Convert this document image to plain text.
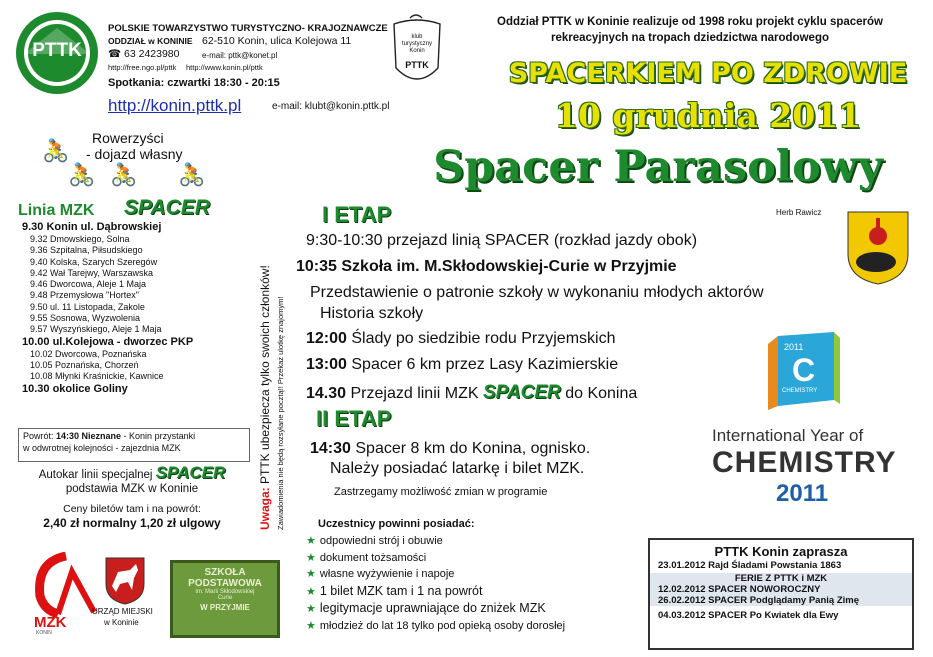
PTTK
POLSKIE TOWARZYSTWO TURYSTYCZNO- KRAJOZNAWCZE
ODDZIAŁ w KONINIE 62-510 Konin, ulica Kolejowa 11
☎ 63 2423980	e-mail: pttk@konet.pl
http://free.ngo.pl/pttk http://www.konin.pl/pttk
Spotkania: czwartki 18:30 - 20:15
http://konin.pttk.pl	e-mail: klubt@konin.pttk.pl
klub
turystyczny
Konin
PTTK
Oddział PTTK w Koninie realizuje od 1998 roku projekt cyklu spacerów rekreacyjnych na tropach dziedzictwa narodowego
SPACERKIEM PO ZDROWIE
10 grudnia 2011
Spacer Parasolowy
Rowerzyści
- dojazd własny
🚴
🚴 🚴 🚴
Linia MZK SPACER
9.30 Konin ul. Dąbrowskiej
9.32 Dmowskiego, Solna
9.36 Szpitalna, Piłsudskiego
9.40 Kolska, Szarych Szeregów
9.42 Wał Tarejwy, Warszawska
9.46 Dworcowa, Aleje 1 Maja
9.48 Przemysłowa "Hortex"
9.50 ul. 11 Listopada, Zakole
9.55 Sosnowa, Wyzwolenia
9.57 Wyszyńskiego, Aleje 1 Maja
10.00 ul.Kolejowa - dworzec PKP
10.02 Dworcowa, Poznańska
10.05 Poznańska, Chorzeń
10.08 Młynki Kraśnickie, Kawnice
10.30 okolice Goliny
Powrót: 14:30 Nieznane - Konin przystanki
w odwrotnej kolejności - zajezdnia MZK
Autokar linii specjalnej SPACER
podstawia MZK w Koninie
Ceny biletów tam i na powrót:
2,40 zł normalny 1,20 zł ulgowy	Uwaga: PTTK ubezpiecza tylko swoich członków! Zawiadomienia nie będą rozsyłane pocztą!! Przekaż ulotkę znajomym!
I ETAP	Herb Rawicz
9:30-10:30 przejazd linią SPACER (rozkład jazdy obok)
10:35 Szkoła im. M.Skłodowskiej-Curie w Przyjmie
Przedstawienie o patronie szkoły w wykonaniu młodych aktorów
Historia szkoły
12:00 Ślady po siedzibie rodu Przyjemskich
13:00 Spacer 6 km przez Lasy Kazimierskie
14.30 Przejazd linii MZK SPACER do Konina
II ETAP
14:30 Spacer 8 km do Konina, ognisko.
Należy posiadać latarkę i bilet MZK.
Zastrzegamy możliwość zmian w programie
2011
C
CHEMISTRY
International Year of
CHEMISTRY
2011
Uczestnicy powinni posiadać:
★ odpowiedni strój i obuwie
★ dokument tożsamości
★ własne wyżywienie i napoje
★ 1 bilet MZK tam i 1 na powrót
★ legitymacje uprawniające do zniżek MZK
★ młodzież do lat 18 tylko pod opieką osoby dorosłej
PTTK Konin zaprasza
23.01.2012 Rajd Śladami Powstania 1863
FERIE Z PTTK i MZK
12.02.2012 SPACER NOWOROCZNY
26.02.2012 SPACER Podglądamy Panią Zimę
04.03.2012 SPACER Po Kwiatek dla Ewy
MZK
KONIN
URZĄD MIEJSKI
w Koninie
SZKOŁA
PODSTAWOWA
im. Marii Skłodowskiej
Curie
W PRZYJMIE
